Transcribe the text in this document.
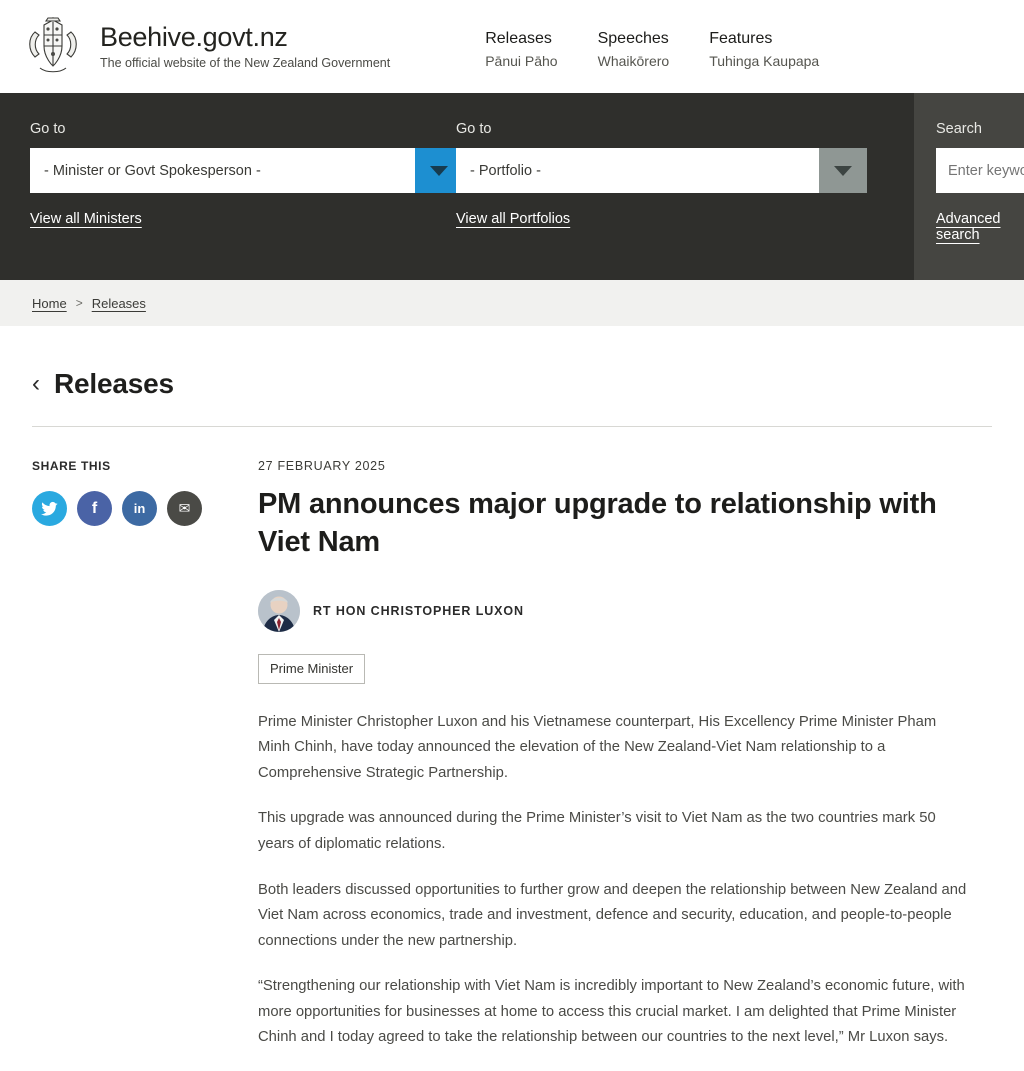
Beehive.govt.nz
The official website of the New Zealand Government
Releases
Pānui Pāho
Speeches
Whaikōrero
Features
Tuhinga Kaupapa
Go to
- Minister or Govt Spokesperson -
View all Ministers
Go to
- Portfolio -
View all Portfolios
Search
Enter keywords Advanced search
Home > Releases
‹ Releases
SHARE THIS
f	in ✉
27 FEBRUARY 2025
PM announces major upgrade to relationship with Viet Nam
RT HON CHRISTOPHER LUXON
Prime Minister

Prime Minister Christopher Luxon and his Vietnamese counterpart, His Excellency Prime Minister Pham Minh Chinh, have today announced the elevation of the New Zealand-Viet Nam relationship to a Comprehensive Strategic Partnership.

This upgrade was announced during the Prime Minister’s visit to Viet Nam as the two countries mark 50 years of diplomatic relations.

Both leaders discussed opportunities to further grow and deepen the relationship between New Zealand and Viet Nam across economics, trade and investment, defence and security, education, and people-to-people connections under the new partnership.

“Strengthening our relationship with Viet Nam is incredibly important to New Zealand’s economic future, with more opportunities for businesses at home to access this crucial market. I am delighted that Prime Minister Chinh and I today agreed to take the relationship between our countries to the next level,” Mr Luxon says.
